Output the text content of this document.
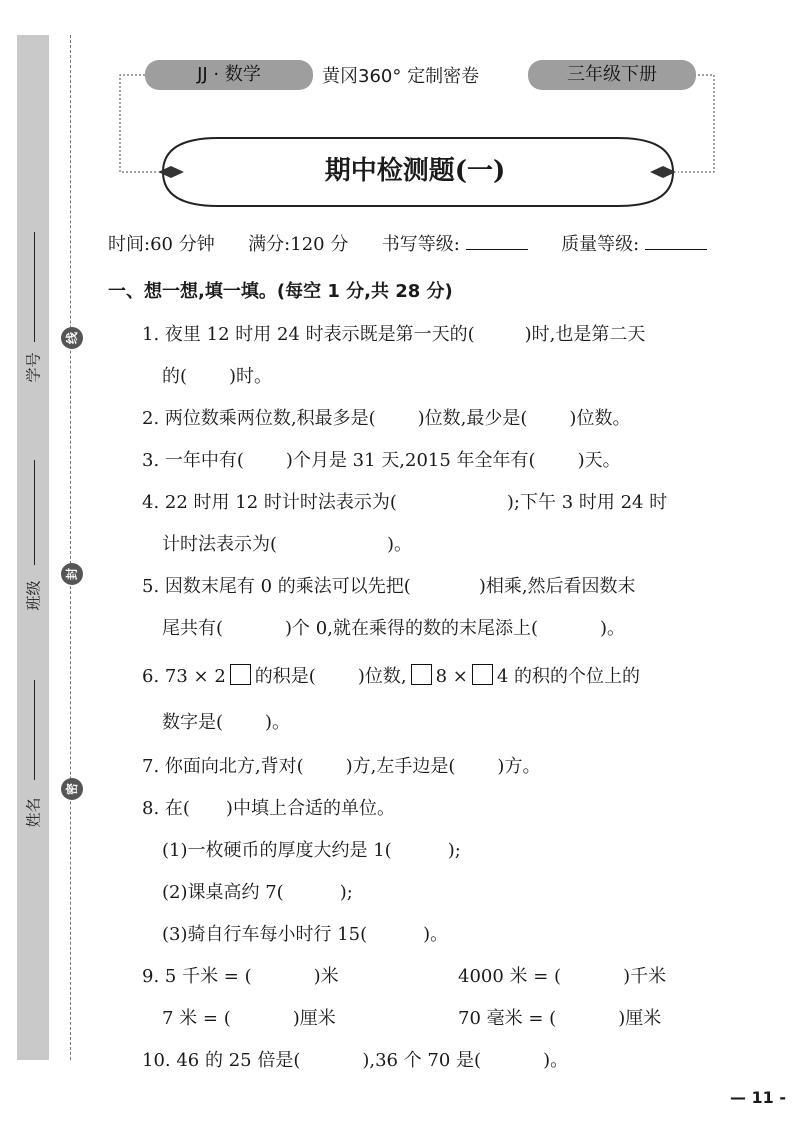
线
封
密
学号
班级
姓名
JJ · 数学	黄冈360° 定制密卷	三年级下册
期中检测题(一)
时间:60 分钟 满分:120 分 书写等级:	质量等级:
一、想一想,填一填。(每空 1 分,共 28 分)
1. 夜里 12 时用 24 时表示既是第一天的(	)时,也是第二天
的( )时。
2. 两位数乘两位数,积最多是( )位数,最少是( )位数。
3. 一年中有( )个月是 31 天,2015 年全年有( )天。
4. 22 时用 12 时计时法表示为(	);下午 3 时用 24 时
计时法表示为(	)。
5. 因数末尾有 0 的乘法可以先把(	)相乘,然后看因数末
尾共有(	)个 0,就在乘得的数的末尾添上(	)。
6. 73 × 2 的积是( )位数, 8 × 4 的积的个位上的
数字是( )。
7. 你面向北方,背对( )方,左手边是( )方。
8. 在( )中填上合适的单位。
(1)一枚硬币的厚度大约是 1(	);
(2)课桌高约 7(	);
(3)骑自行车每小时行 15(	)。
9. 5 千米 = (	)米	4000 米 = (	)千米
7 米 = (	)厘米	70 毫米 = (	)厘米
10. 46 的 25 倍是(	),36 个 70 是(	)。
— 11 -
